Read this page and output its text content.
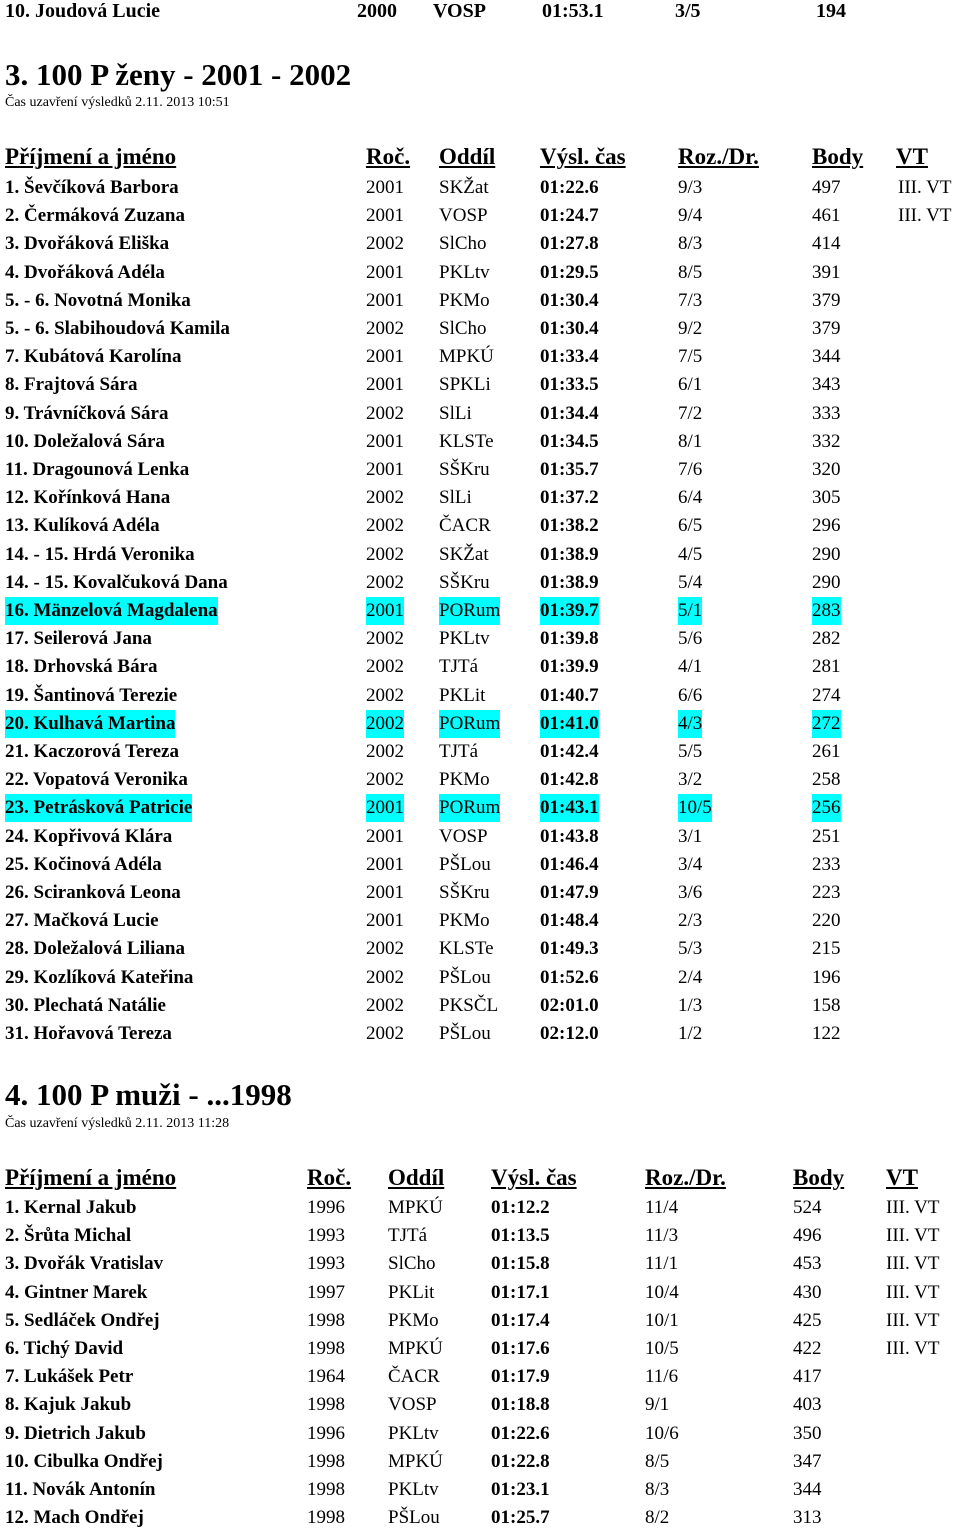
10. Joudová Lucie	2000 VOSP	01:53.1	3/5	194
3. 100 P ženy - 2001 - 2002
Čas uzavření výsledků 2.11. 2013 10:51
Příjmení a jméno	Roč. Oddíl Výsl. čas Roz./Dr. Body VT
1. Ševčíková Barbora	2001 SKŽat	01:22.6	9/3	497	III. VT
2. Čermáková Zuzana	2001 VOSP	01:24.7	9/4	461	III. VT
3. Dvořáková Eliška	2002 SlCho	01:27.8	8/3	414
4. Dvořáková Adéla	2001 PKLtv	01:29.5	8/5	391
5. - 6. Novotná Monika	2001 PKMo	01:30.4	7/3	379
5. - 6. Slabihoudová Kamila	2002 SlCho	01:30.4	9/2	379
7. Kubátová Karolína	2001 MPKÚ 01:33.4	7/5	344
8. Frajtová Sára	2001 SPKLi	01:33.5	6/1	343
9. Trávníčková Sára	2002 SlLi	01:34.4	7/2	333
10. Doležalová Sára	2001 KLSTe 01:34.5	8/1	332
11. Dragounová Lenka	2001 SŠKru	01:35.7	7/6	320
12. Kořínková Hana	2002 SlLi	01:37.2	6/4	305
13. Kulíková Adéla	2002 ČACR	01:38.2	6/5	296
14. - 15. Hrdá Veronika	2002 SKŽat	01:38.9	4/5	290
14. - 15. Kovalčuková Dana	2002 SŠKru	01:38.9	5/4	290
16. Mänzelová Magdalena	2001 PORum 01:39.7	5/1	283
17. Seilerová Jana	2002 PKLtv	01:39.8	5/6	282
18. Drhovská Bára	2002 TJTá	01:39.9	4/1	281
19. Šantinová Terezie	2002 PKLit	01:40.7	6/6	274
20. Kulhavá Martina	2002 PORum 01:41.0	4/3	272
21. Kaczorová Tereza	2002 TJTá	01:42.4	5/5	261
22. Vopatová Veronika	2002 PKMo	01:42.8	3/2	258
23. Petrásková Patricie	2001 PORum 01:43.1	10/5	256
24. Kopřivová Klára	2001 VOSP	01:43.8	3/1	251
25. Kočinová Adéla	2001 PŠLou	01:46.4	3/4	233
26. Sciranková Leona	2001 SŠKru	01:47.9	3/6	223
27. Mačková Lucie	2001 PKMo	01:48.4	2/3	220
28. Doležalová Liliana	2002 KLSTe 01:49.3	5/3	215
29. Kozlíková Kateřina	2002 PŠLou	01:52.6	2/4	196
30. Plechatá Natálie	2002 PKSČL 02:01.0	1/3	158
31. Hořavová Tereza	2002 PŠLou	02:12.0	1/2	122
4. 100 P muži - ...1998
Čas uzavření výsledků 2.11. 2013 11:28
Příjmení a jméno	Roč. Oddíl Výsl. čas	Roz./Dr.	Body VT
1. Kernal Jakub	1996 MPKÚ	01:12.2	11/4	524	III. VT
2. Šrůta Michal	1993 TJTá	01:13.5	11/3	496	III. VT
3. Dvořák Vratislav	1993 SlCho	01:15.8	11/1	453	III. VT
4. Gintner Marek	1997 PKLit	01:17.1	10/4	430	III. VT
5. Sedláček Ondřej	1998 PKMo	01:17.4	10/1	425	III. VT
6. Tichý David	1998 MPKÚ	01:17.6	10/5	422	III. VT
7. Lukášek Petr	1964 ČACR	01:17.9	11/6	417
8. Kajuk Jakub	1998 VOSP	01:18.8	9/1	403
9. Dietrich Jakub	1996 PKLtv	01:22.6	10/6	350
10. Cibulka Ondřej	1998 MPKÚ	01:22.8	8/5	347
11. Novák Antonín	1998 PKLtv	01:23.1	8/3	344
12. Mach Ondřej	1998 PŠLou	01:25.7	8/2	313
